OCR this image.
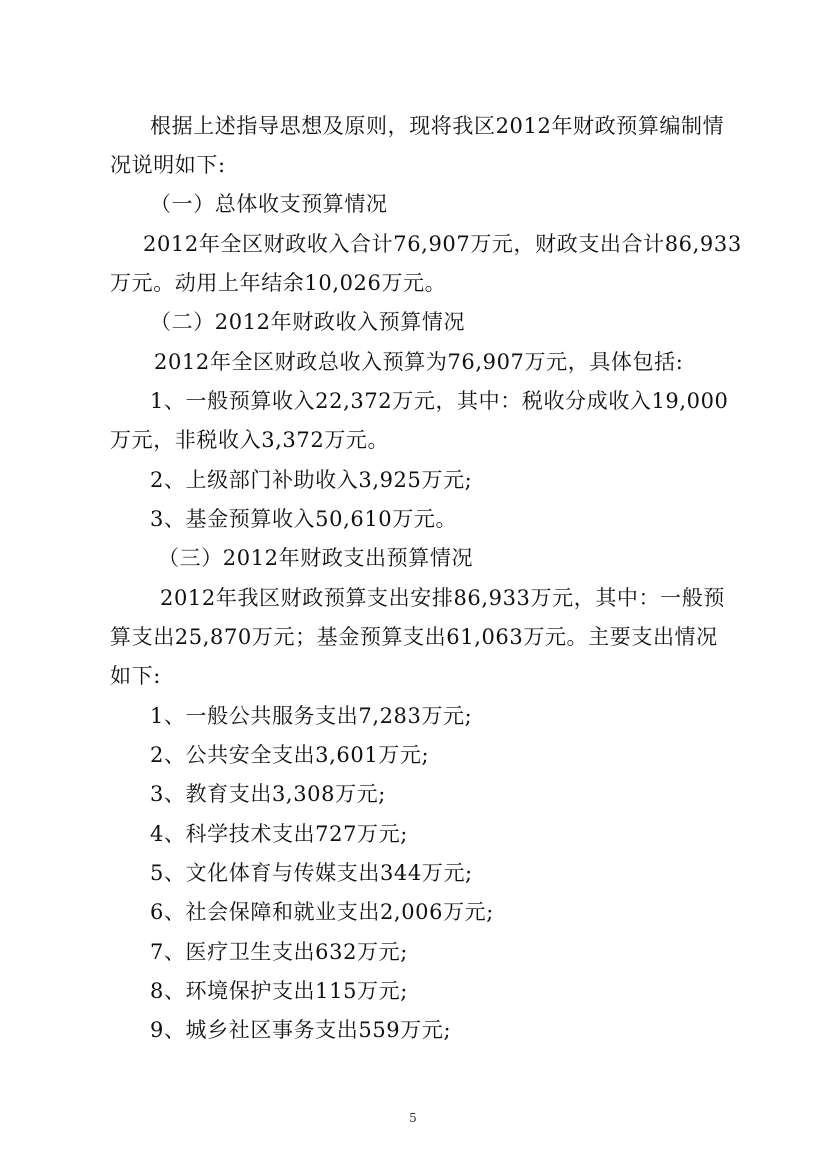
根据上述指导思想及原则，现将我区2012年财政预算编制情
况说明如下:
（一）总体收支预算情况
2012年全区财政收入合计76,907万元，财政支出合计86,933
万元。动用上年结余10,026万元。
（二）2012年财政收入预算情况
2012年全区财政总收入预算为76,907万元，具体包括:
1、一般预算收入22,372万元，其中：税收分成收入19,000
万元，非税收入3,372万元。
2、上级部门补助收入3,925万元;
3、基金预算收入50,610万元。
（三）2012年财政支出预算情况
2012年我区财政预算支出安排86,933万元，其中：一般预
算支出25,870万元；基金预算支出61,063万元。主要支出情况
如下:
1、一般公共服务支出7,283万元;
2、公共安全支出3,601万元;
3、教育支出3,308万元;
4、科学技术支出727万元;
5、文化体育与传媒支出344万元;
6、社会保障和就业支出2,006万元;
7、医疗卫生支出632万元;
8、环境保护支出115万元;
9、城乡社区事务支出559万元;
5
